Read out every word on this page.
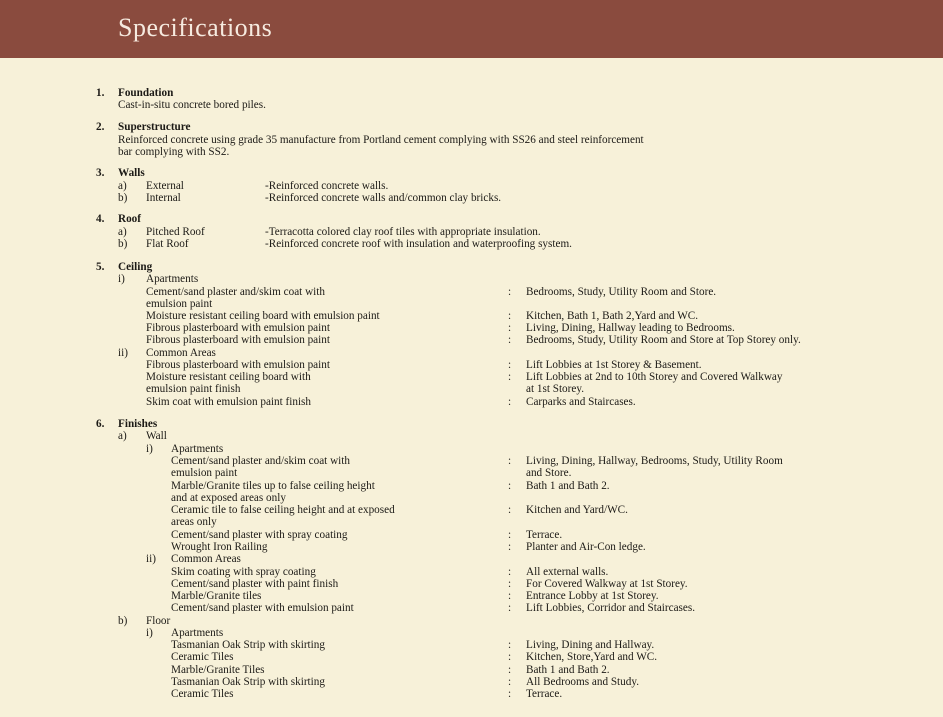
Specifications
1. Foundation
Cast-in-situ concrete bored piles.
2. Superstructure
Reinforced concrete using grade 35 manufacture from Portland cement complying with SS26 and steel reinforcement
bar complying with SS2.
3. Walls
a) External	-Reinforced concrete walls.
b) Internal	-Reinforced concrete walls and/common clay bricks.
4. Roof
a) Pitched Roof	-Terracotta colored clay roof tiles with appropriate insulation.
b) Flat Roof	-Reinforced concrete roof with insulation and waterproofing system.
5. Ceiling
i) Apartments
Cement/sand plaster and/skim coat with	: Bedrooms, Study, Utility Room and Store.
emulsion paint
Moisture resistant ceiling board with emulsion paint	: Kitchen, Bath 1, Bath 2,Yard and WC.
Fibrous plasterboard with emulsion paint	: Living, Dining, Hallway leading to Bedrooms.
Fibrous plasterboard with emulsion paint	: Bedrooms, Study, Utility Room and Store at Top Storey only.
ii) Common Areas
Fibrous plasterboard with emulsion paint	: Lift Lobbies at 1st Storey & Basement.
Moisture resistant ceiling board with	: Lift Lobbies at 2nd to 10th Storey and Covered Walkway
emulsion paint finish	at 1st Storey.
Skim coat with emulsion paint finish	: Carparks and Staircases.
6. Finishes
a) Wall
i) Apartments
Cement/sand plaster and/skim coat with	: Living, Dining, Hallway, Bedrooms, Study, Utility Room
emulsion paint	and Store.
Marble/Granite tiles up to false ceiling height	: Bath 1 and Bath 2.
and at exposed areas only
Ceramic tile to false ceiling height and at exposed	: Kitchen and Yard/WC.
areas only
Cement/sand plaster with spray coating	: Terrace.
Wrought Iron Railing	: Planter and Air-Con ledge.
ii) Common Areas
Skim coating with spray coating	: All external walls.
Cement/sand plaster with paint finish	: For Covered Walkway at 1st Storey.
Marble/Granite tiles	: Entrance Lobby at 1st Storey.
Cement/sand plaster with emulsion paint	: Lift Lobbies, Corridor and Staircases.
b) Floor
i) Apartments
Tasmanian Oak Strip with skirting	: Living, Dining and Hallway.
Ceramic Tiles	: Kitchen, Store,Yard and WC.
Marble/Granite Tiles	: Bath 1 and Bath 2.
Tasmanian Oak Strip with skirting	: All Bedrooms and Study.
Ceramic Tiles	: Terrace.
